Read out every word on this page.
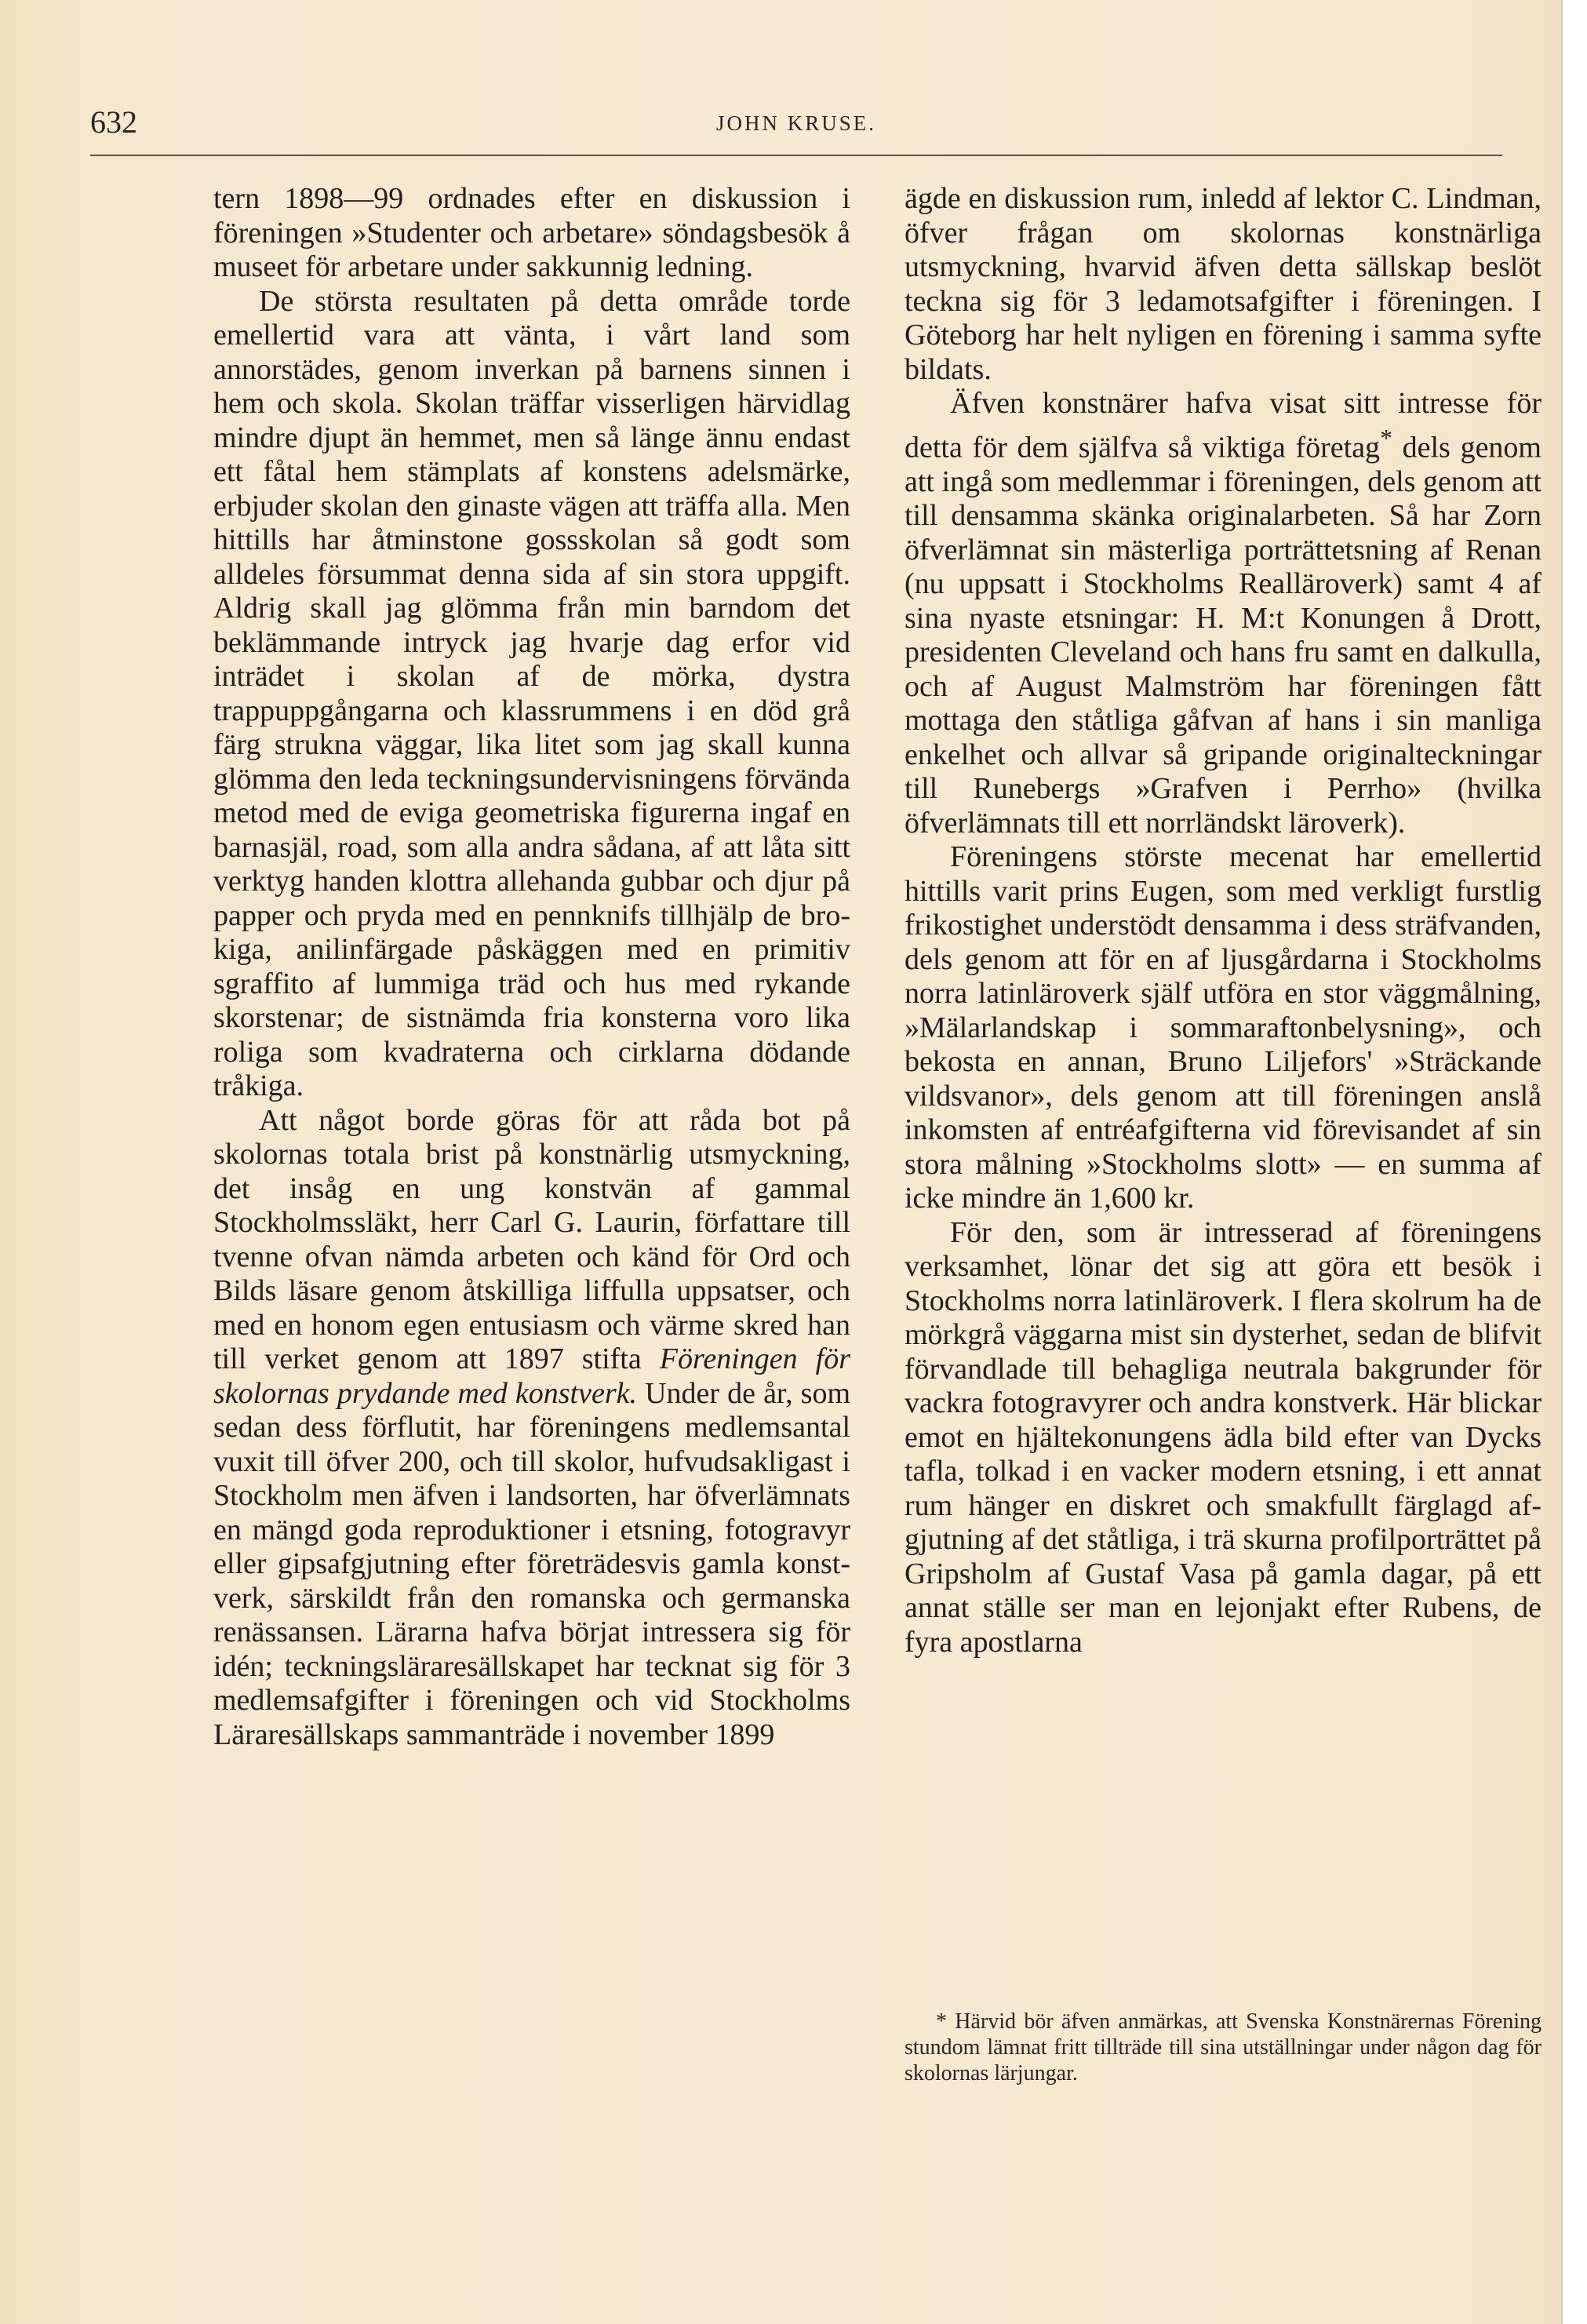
632	JOHN KRUSE.

tern 1898—99 ordnades efter en diskussion i föreningen »Studenter och arbetare» söndagsbesök å museet för arbetare under sakkunnig ledning.

De största resultaten på detta område torde emellertid vara att vänta, i vårt land som annorstädes, genom inverkan på barnens sinnen i hem och skola. Skolan träffar visserligen härvidlag mindre djupt än hemmet, men så länge ännu endast ett fåtal hem stämplats af konstens adelsmärke, erbjuder skolan den ginaste vägen att träffa alla. Men hittills har åtminstone gossskolan så godt som alldeles försummat denna sida af sin stora uppgift. Aldrig skall jag glömma från min barndom det beklämmande intryck jag hvarje dag erfor vid inträdet i skolan af de mörka, dystra trappuppgångarna och klassrummens i en död grå färg strukna väggar, lika litet som jag skall kunna glömma den leda teckningsundervisningens förvända metod med de eviga geometriska figurerna ingaf en barnasjäl, road, som alla andra sådana, af att låta sitt verktyg handen klottra allehanda gubbar och djur på papper och pryda med en pennknifs tillhjälp de brokiga, anilinfärgade påskäggen med en primitiv sgraffito af lummiga träd och hus med rykande skorstenar; de sistnämda fria konsterna voro lika roliga som kvadraterna och cirklarna dödande tråkiga.

Att något borde göras för att råda bot på skolornas totala brist på konstnärlig utsmyckning, det insåg en ung konstvän af gammal Stockholmssläkt, herr Carl G. Laurin, författare till tvenne ofvan nämda arbeten och känd för Ord och Bilds läsare genom åtskilliga liffulla uppsatser, och med en honom egen entusiasm och värme skred han till verket genom att 1897 stifta Föreningen för skolornas prydande med konstverk. Under de år, som sedan dess förflutit, har föreningens medlemsantal vuxit till öfver 200, och till skolor, hufvudsakligast i Stockholm men äfven i landsorten, har öfverlämnats en mängd goda reproduktioner i etsning, fotogravyr eller gipsafgjutning efter företrädesvis gamla konstverk, särskildt från den romanska och germanska renässansen. Lärarna hafva börjat intressera sig för idén; teckningsläraresällskapet har tecknat sig för 3 medlemsafgifter i föreningen och vid Stockholms Läraresällskaps sammanträde i november 1899

ägde en diskussion rum, inledd af lektor C. Lindman, öfver frågan om skolornas konstnärliga utsmyckning, hvarvid äfven detta sällskap beslöt teckna sig för 3 ledamotsafgifter i föreningen. I Göteborg har helt nyligen en förening i samma syfte bildats.

Äfven konstnärer hafva visat sitt intresse för detta för dem själfva så viktiga företag* dels genom att ingå som medlemmar i föreningen, dels genom att till densamma skänka originalarbeten. Så har Zorn öfverlämnat sin mästerliga porträttetsning af Renan (nu uppsatt i Stockholms Realläroverk) samt 4 af sina nyaste etsningar: H. M:t Konungen å Drott, presidenten Cleveland och hans fru samt en dalkulla, och af August Malmström har föreningen fått mottaga den ståtliga gåfvan af hans i sin manliga enkelhet och allvar så gripande originalteckningar till Runebergs »Grafven i Perrho» (hvilka öfverlämnats till ett norrländskt läroverk).

Föreningens störste mecenat har emellertid hittills varit prins Eugen, som med verkligt furstlig frikostighet understödt densamma i dess sträfvanden, dels genom att för en af ljusgårdarna i Stockholms norra latinläroverk själf utföra en stor väggmålning, »Mälarlandskap i sommaraftonbelysning», och bekosta en annan, Bruno Liljefors' »Sträckande vildsvanor», dels genom att till föreningen anslå inkomsten af entréafgifterna vid förevisandet af sin stora målning »Stockholms slott» — en summa af icke mindre än 1,600 kr.

För den, som är intresserad af föreningens verksamhet, lönar det sig att göra ett besök i Stockholms norra latinläroverk. I flera skolrum ha de mörkgrå väggarna mist sin dysterhet, sedan de blifvit förvandlade till behagliga neutrala bakgrunder för vackra fotogravyrer och andra konstverk. Här blickar emot en hjältekonungens ädla bild efter van Dycks tafla, tolkad i en vacker modern etsning, i ett annat rum hänger en diskret och smakfullt färglagd afgjutning af det ståtliga, i trä skurna profilporträttet på Gripsholm af Gustaf Vasa på gamla dagar, på ett annat ställe ser man en lejonjakt efter Rubens, de fyra apostlarna

* Härvid bör äfven anmärkas, att Svenska Konstnärernas Förening stundom lämnat fritt tillträde till sina utställningar under någon dag för skolornas lärjungar.
